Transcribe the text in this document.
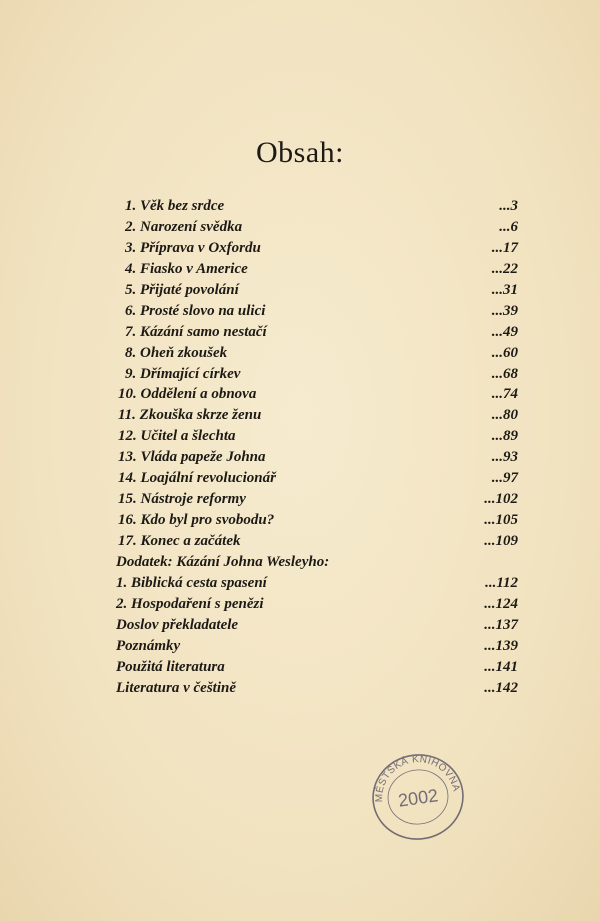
Obsah:
1. Věk bez srdce	...3
2. Narození svědka	...6
3. Příprava v Oxfordu	...17
4. Fiasko v Americe	...22
5. Přijaté povolání	...31
6. Prosté slovo na ulici	...39
7. Kázání samo nestačí	...49
8. Oheň zkoušek	...60
9. Dřímající církev	...68
10. Oddělení a obnova	...74
11. Zkouška skrze ženu	...80
12. Učitel a šlechta	...89
13. Vláda papeže Johna	...93
14. Loajální revolucionář	...97
15. Nástroje reformy	...102
16. Kdo byl pro svobodu?	...105
17. Konec a začátek	...109
Dodatek: Kázání Johna Wesleyho:
1. Biblická cesta spasení	...112
2. Hospodaření s penězi	...124
Doslov překladatele	...137
Poznámky	...139
Použitá literatura	...141
Literatura v češtině	...142
MĚSTSKÁ KNIHOVNA
2002
